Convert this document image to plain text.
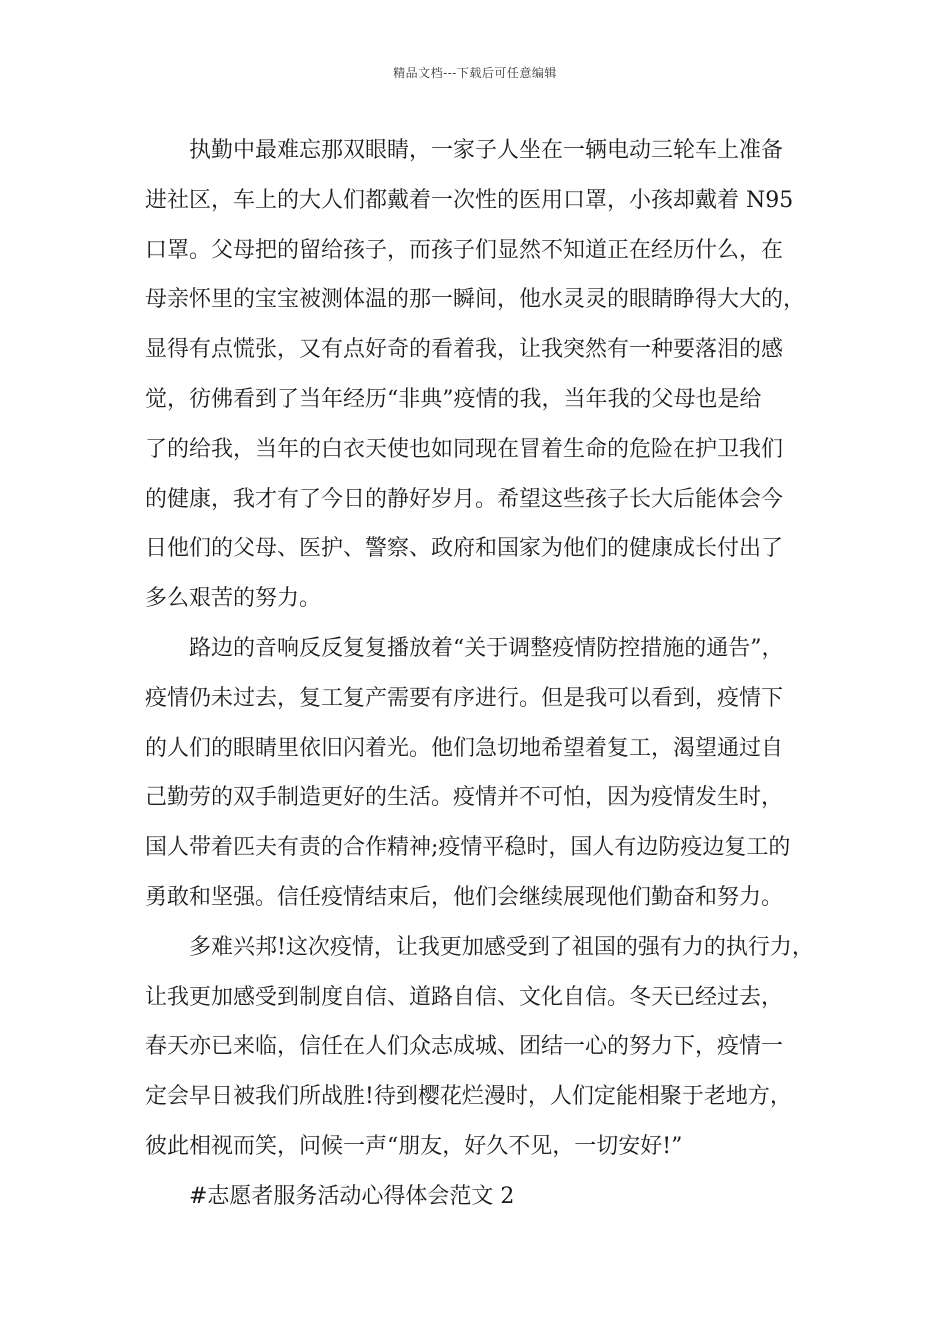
精品文档---下载后可任意编辑
执勤中最难忘那双眼睛，一家子人坐在一辆电动三轮车上准备
进社区，车上的大人们都戴着一次性的医用口罩，小孩却戴着 N95
口罩。父母把的留给孩子，而孩子们显然不知道正在经历什么，在
母亲怀里的宝宝被测体温的那一瞬间，他水灵灵的眼睛睁得大大的，
显得有点慌张，又有点好奇的看着我，让我突然有一种要落泪的感
觉，彷佛看到了当年经历“非典”疫情的我，当年我的父母也是给
了的给我，当年的白衣天使也如同现在冒着生命的危险在护卫我们
的健康，我才有了今日的静好岁月。希望这些孩子长大后能体会今
日他们的父母、医护、警察、政府和国家为他们的健康成长付出了
多么艰苦的努力。
路边的音响反反复复播放着“关于调整疫情防控措施的通告”，
疫情仍未过去，复工复产需要有序进行。但是我可以看到，疫情下
的人们的眼睛里依旧闪着光。他们急切地希望着复工，渴望通过自
己勤劳的双手制造更好的生活。疫情并不可怕，因为疫情发生时，
国人带着匹夫有责的合作精神;疫情平稳时，国人有边防疫边复工的
勇敢和坚强。信任疫情结束后，他们会继续展现他们勤奋和努力。
多难兴邦!这次疫情，让我更加感受到了祖国的强有力的执行力，
让我更加感受到制度自信、道路自信、文化自信。冬天已经过去，
春天亦已来临，信任在人们众志成城、团结一心的努力下，疫情一
定会早日被我们所战胜!待到樱花烂漫时，人们定能相聚于老地方，
彼此相视而笑，问候一声“朋友，好久不见，一切安好!”
#志愿者服务活动心得体会范文 2
